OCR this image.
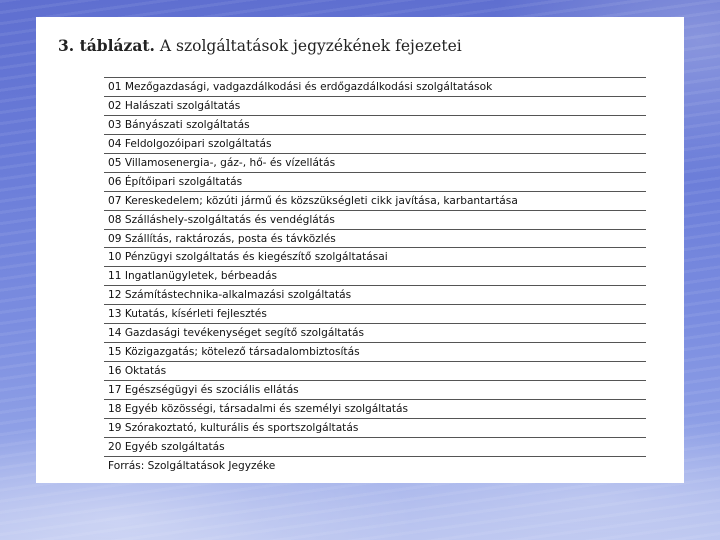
3. táblázat. A szolgáltatások jegyzékének fejezetei
01 Mezőgazdasági, vadgazdálkodási és erdőgazdálkodási szolgáltatások
02 Halászati szolgáltatás
03 Bányászati szolgáltatás
04 Feldolgozóipari szolgáltatás
05 Villamosenergia-, gáz-, hő- és vízellátás
06 Építőipari szolgáltatás
07 Kereskedelem; közúti jármű és közszükségleti cikk javítása, karbantartása
08 Szálláshely-szolgáltatás és vendéglátás
09 Szállítás, raktározás, posta és távközlés
10 Pénzügyi szolgáltatás és kiegészítő szolgáltatásai
11 Ingatlanügyletek, bérbeadás
12 Számítástechnika-alkalmazási szolgáltatás
13 Kutatás, kísérleti fejlesztés
14 Gazdasági tevékenységet segítő szolgáltatás
15 Közigazgatás; kötelező társadalombiztosítás
16 Oktatás
17 Egészségügyi és szociális ellátás
18 Egyéb közösségi, társadalmi és személyi szolgáltatás
19 Szórakoztató, kulturális és sportszolgáltatás
20 Egyéb szolgáltatás
Forrás: Szolgáltatások Jegyzéke
